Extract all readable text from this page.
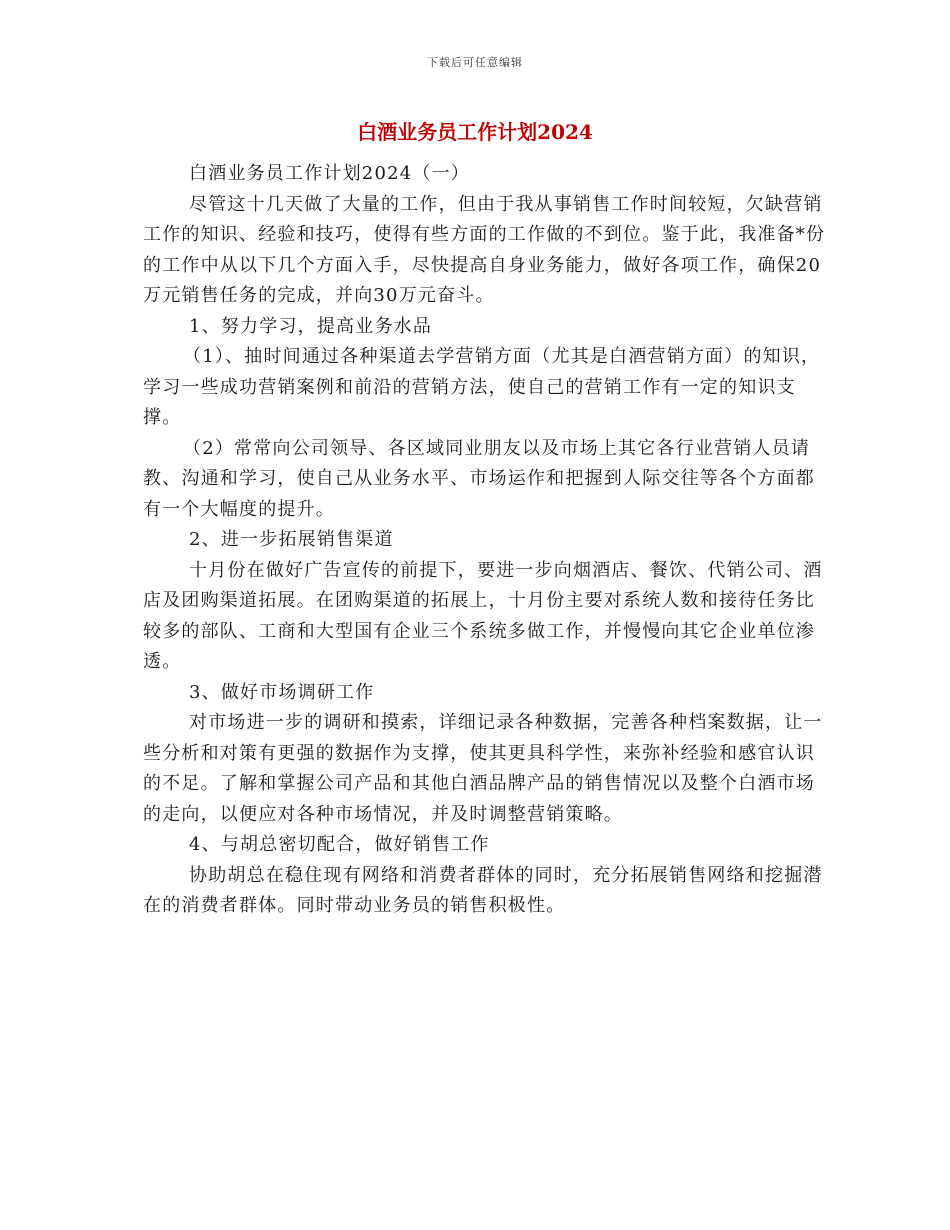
下载后可任意编辑
白酒业务员工作计划2024

白酒业务员工作计划2024（一）

尽管这十几天做了大量的工作，但由于我从事销售工作时间较短，欠缺营销工作的知识、经验和技巧，使得有些方面的工作做的不到位。鉴于此，我准备*份的工作中从以下几个方面入手，尽快提高自身业务能力，做好各项工作，确保20万元销售任务的完成，并向30万元奋斗。

1、努力学习，提高业务水品

（1）、抽时间通过各种渠道去学营销方面（尤其是白酒营销方面）的知识，学习一些成功营销案例和前沿的营销方法，使自己的营销工作有一定的知识支撑。

（2）常常向公司领导、各区域同业朋友以及市场上其它各行业营销人员请教、沟通和学习，使自己从业务水平、市场运作和把握到人际交往等各个方面都有一个大幅度的提升。

2、进一步拓展销售渠道

十月份在做好广告宣传的前提下，要进一步向烟酒店、餐饮、代销公司、酒店及团购渠道拓展。在团购渠道的拓展上，十月份主要对系统人数和接待任务比较多的部队、工商和大型国有企业三个系统多做工作，并慢慢向其它企业单位渗透。

3、做好市场调研工作

对市场进一步的调研和摸索，详细记录各种数据，完善各种档案数据，让一些分析和对策有更强的数据作为支撑，使其更具科学性，来弥补经验和感官认识的不足。了解和掌握公司产品和其他白酒品牌产品的销售情况以及整个白酒市场的走向，以便应对各种市场情况，并及时调整营销策略。

4、与胡总密切配合，做好销售工作

协助胡总在稳住现有网络和消费者群体的同时，充分拓展销售网络和挖掘潜在的消费者群体。同时带动业务员的销售积极性。
